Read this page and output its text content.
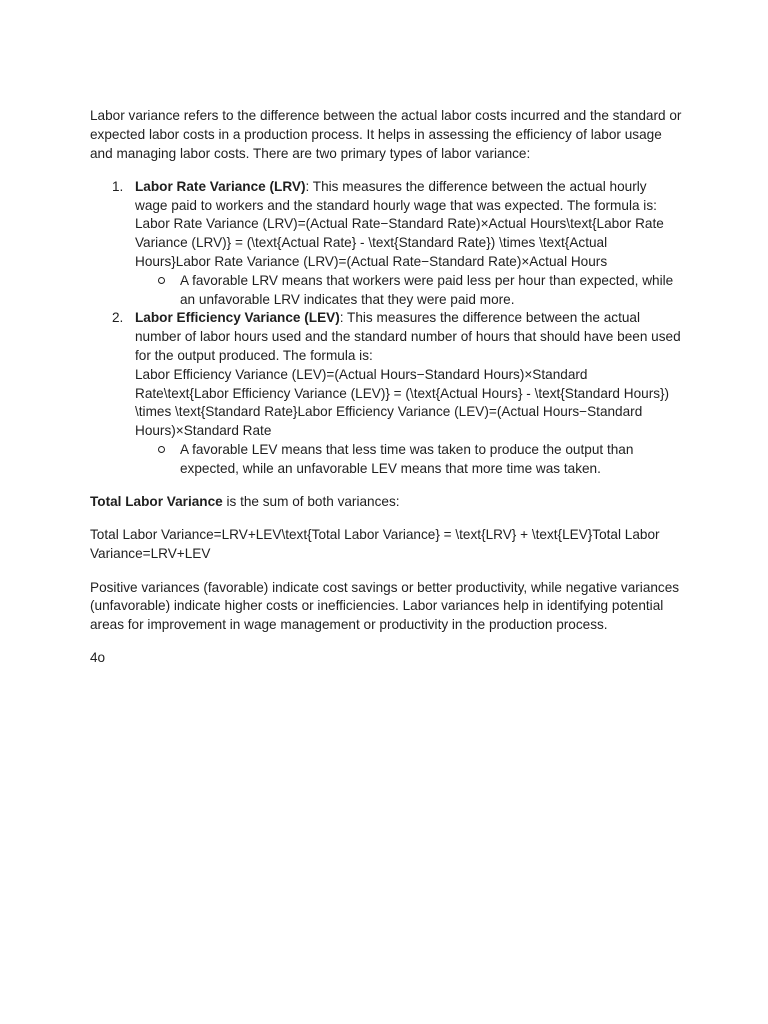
Labor variance refers to the difference between the actual labor costs incurred and the standard or expected labor costs in a production process. It helps in assessing the efficiency of labor usage and managing labor costs. There are two primary types of labor variance:

1. Labor Rate Variance (LRV): This measures the difference between the actual hourly wage paid to workers and the standard hourly wage that was expected. The formula is: Labor Rate Variance (LRV)=(Actual Rate−Standard Rate)×Actual Hours\text{Labor Rate Variance (LRV)} = (\text{Actual Rate} - \text{Standard Rate}) \times \text{Actual Hours}Labor Rate Variance (LRV)=(Actual Rate−Standard Rate)×Actual Hours
A favorable LRV means that workers were paid less per hour than expected, while an unfavorable LRV indicates that they were paid more.
2. Labor Efficiency Variance (LEV): This measures the difference between the actual number of labor hours used and the standard number of hours that should have been used for the output produced. The formula is:
Labor Efficiency Variance (LEV)=(Actual Hours−Standard Hours)×Standard Rate\text{Labor Efficiency Variance (LEV)} = (\text{Actual Hours} - \text{Standard Hours}) \times \text{Standard Rate}Labor Efficiency Variance (LEV)=(Actual Hours−Standard Hours)×Standard Rate
A favorable LEV means that less time was taken to produce the output than expected, while an unfavorable LEV means that more time was taken.

Total Labor Variance is the sum of both variances:

Total Labor Variance=LRV+LEV\text{Total Labor Variance} = \text{LRV} + \text{LEV}Total Labor Variance=LRV+LEV

Positive variances (favorable) indicate cost savings or better productivity, while negative variances (unfavorable) indicate higher costs or inefficiencies. Labor variances help in identifying potential areas for improvement in wage management or productivity in the production process.

4o
